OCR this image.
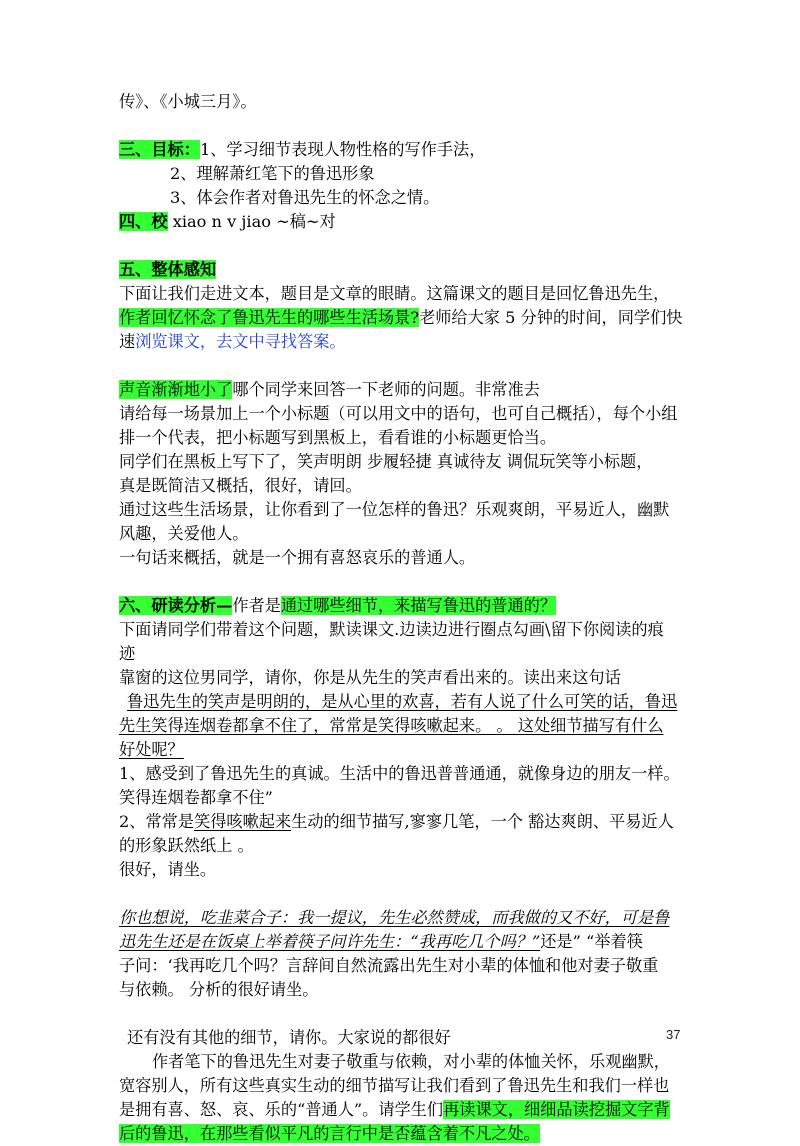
传》、《小城三月》。
三、目标：1、学习细节表现人物性格的写作手法，
2、理解萧红笔下的鲁迅形象
3、体会作者对鲁迅先生的怀念之情。
四、校 xiao n v jiao ~稿~对
五、整体感知
下面让我们走进文本，题目是文章的眼睛。这篇课文的题目是回忆鲁迅先生，
作者回忆怀念了鲁迅先生的哪些生活场景?老师给大家 5 分钟的时间，同学们快
速浏览课文，去文中寻找答案。
声音渐渐地小了哪个同学来回答一下老师的问题。非常准去
请给每一场景加上一个小标题（可以用文中的语句，也可自己概括），每个小组
排一个代表，把小标题写到黑板上，看看谁的小标题更恰当。
同学们在黑板上写下了，笑声明朗 步履轻捷 真诚待友 调侃玩笑等小标题，
真是既简洁又概括，很好，请回。
通过这些生活场景，让你看到了一位怎样的鲁迅？乐观爽朗，平易近人，幽默
风趣，关爱他人。
一句话来概括，就是一个拥有喜怒哀乐的普通人。
六、研读分析—作者是通过哪些细节，来描写鲁迅的普通的？
下面请同学们带着这个问题，默读课文.边读边进行圈点勾画\留下你阅读的痕
迹
靠窗的这位男同学，请你，你是从先生的笑声看出来的。读出来这句话
鲁迅先生的笑声是明朗的，是从心里的欢喜，若有人说了什么可笑的话，鲁迅
先生笑得连烟卷都拿不住了，常常是笑得咳嗽起来。 。 这处细节描写有什么
好处呢？
1、感受到了鲁迅先生的真诚。生活中的鲁迅普普通通，就像身边的朋友一样。
笑得连烟卷都拿不住”
2、常常是笑得咳嗽起来生动的细节描写,寥寥几笔，一个 豁达爽朗、平易近人
的形象跃然纸上 。
很好，请坐。
你也想说，吃韭菜合子：我一提议，先生必然赞成，而我做的又不好，可是鲁
迅先生还是在饭桌上举着筷子问许先生：“我再吃几个吗？”还是” “举着筷
子问：‘我再吃几个吗？言辞间自然流露出先生对小辈的体恤和他对妻子敬重
与依赖。 分析的很好请坐。
还有没有其他的细节，请你。大家说的都很好
作者笔下的鲁迅先生对妻子敬重与依赖，对小辈的体恤关怀，乐观幽默，
宽容别人，所有这些真实生动的细节描写让我们看到了鲁迅先生和我们一样也
是拥有喜、怒、哀、乐的“普通人”。请学生们再读课文，细细品读挖掘文字背
后的鲁迅，在那些看似平凡的言行中是否蕴含着不凡之处。
37
